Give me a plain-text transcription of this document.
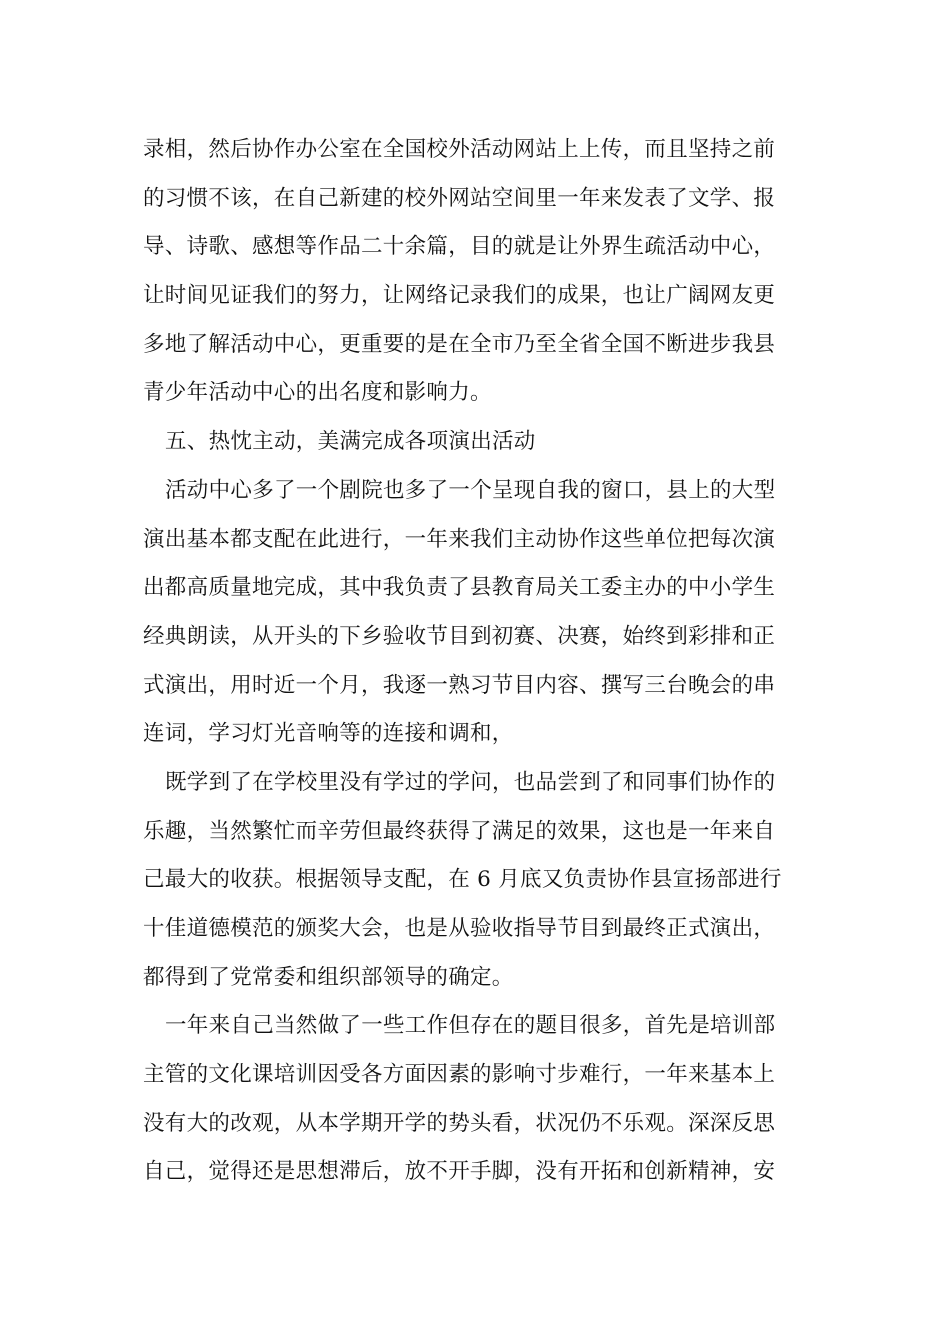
录相，然后协作办公室在全国校外活动网站上上传，而且坚持之前
的习惯不该，在自己新建的校外网站空间里一年来发表了文学、报
导、诗歌、感想等作品二十余篇，目的就是让外界生疏活动中心，
让时间见证我们的努力，让网络记录我们的成果，也让广阔网友更
多地了解活动中心，更重要的是在全市乃至全省全国不断进步我县
青少年活动中心的出名度和影响力。
五、热忱主动，美满完成各项演出活动
活动中心多了一个剧院也多了一个呈现自我的窗口，县上的大型
演出基本都支配在此进行，一年来我们主动协作这些单位把每次演
出都高质量地完成，其中我负责了县教育局关工委主办的中小学生
经典朗读，从开头的下乡验收节目到初赛、决赛，始终到彩排和正
式演出，用时近一个月，我逐一熟习节目内容、撰写三台晚会的串
连词，学习灯光音响等的连接和调和，
既学到了在学校里没有学过的学问，也品尝到了和同事们协作的
乐趣，当然繁忙而辛劳但最终获得了满足的效果，这也是一年来自
己最大的收获。根据领导支配，在 6 月底又负责协作县宣扬部进行
十佳道德模范的颁奖大会，也是从验收指导节目到最终正式演出，
都得到了党常委和组织部领导的确定。
一年来自己当然做了一些工作但存在的题目很多，首先是培训部
主管的文化课培训因受各方面因素的影响寸步难行，一年来基本上
没有大的改观，从本学期开学的势头看，状况仍不乐观。深深反思
自己，觉得还是思想滞后，放不开手脚，没有开拓和创新精神，安
